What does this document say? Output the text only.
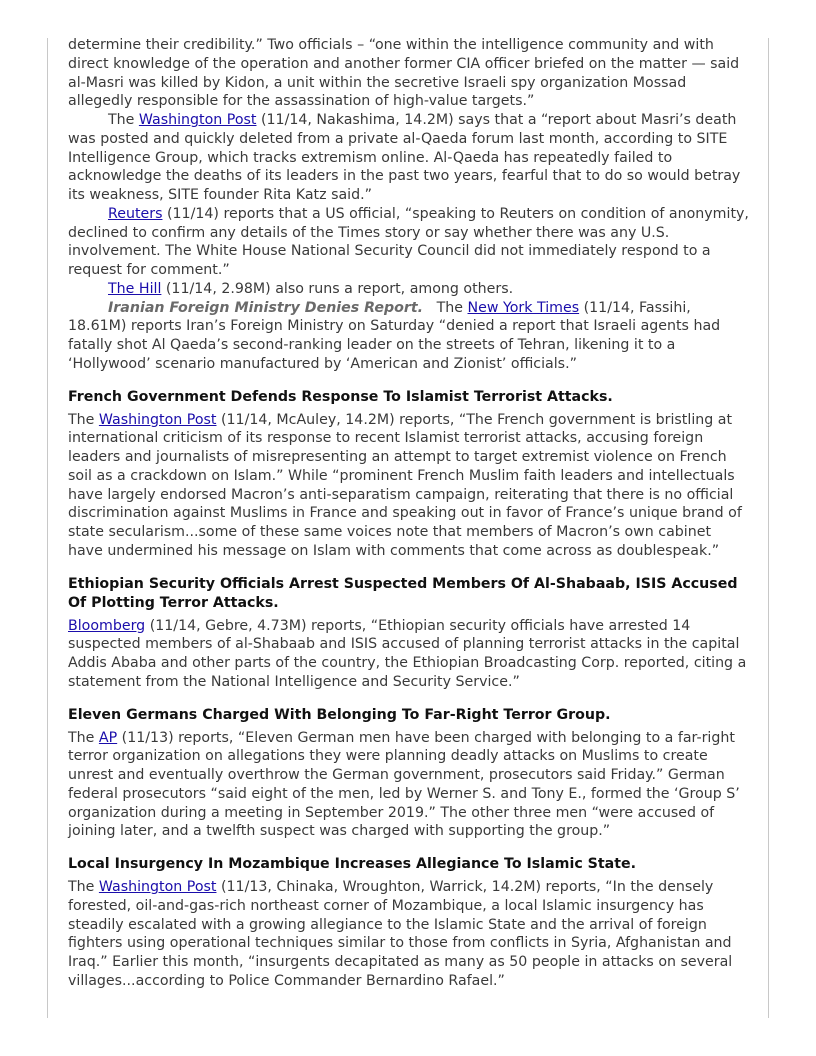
determine their credibility.” Two officials – “one within the intelligence community and with direct knowledge of the operation and another former CIA officer briefed on the matter — said al-Masri was killed by Kidon, a unit within the secretive Israeli spy organization Mossad allegedly responsible for the assassination of high-value targets.”

The Washington Post (11/14, Nakashima, 14.2M) says that a “report about Masri’s death was posted and quickly deleted from a private al-Qaeda forum last month, according to SITE Intelligence Group, which tracks extremism online. Al-Qaeda has repeatedly failed to acknowledge the deaths of its leaders in the past two years, fearful that to do so would betray its weakness, SITE founder Rita Katz said.”

Reuters (11/14) reports that a US official, “speaking to Reuters on condition of anonymity, declined to confirm any details of the Times story or say whether there was any U.S. involvement. The White House National Security Council did not immediately respond to a request for comment.”

The Hill (11/14, 2.98M) also runs a report, among others.

Iranian Foreign Ministry Denies Report.   The New York Times (11/14, Fassihi, 18.61M) reports Iran’s Foreign Ministry on Saturday “denied a report that Israeli agents had fatally shot Al Qaeda’s second-ranking leader on the streets of Tehran, likening it to a ‘Hollywood’ scenario manufactured by ‘American and Zionist’ officials.”

French Government Defends Response To Islamist Terrorist Attacks.

The Washington Post (11/14, McAuley, 14.2M) reports, “The French government is bristling at international criticism of its response to recent Islamist terrorist attacks, accusing foreign leaders and journalists of misrepresenting an attempt to target extremist violence on French soil as a crackdown on Islam.” While “prominent French Muslim faith leaders and intellectuals have largely endorsed Macron’s anti-separatism campaign, reiterating that there is no official discrimination against Muslims in France and speaking out in favor of France’s unique brand of state secularism...some of these same voices note that members of Macron’s own cabinet have undermined his message on Islam with comments that come across as doublespeak.”

Ethiopian Security Officials Arrest Suspected Members Of Al-Shabaab, ISIS Accused Of Plotting Terror Attacks.

Bloomberg (11/14, Gebre, 4.73M) reports, “Ethiopian security officials have arrested 14 suspected members of al-Shabaab and ISIS accused of planning terrorist attacks in the capital Addis Ababa and other parts of the country, the Ethiopian Broadcasting Corp. reported, citing a statement from the National Intelligence and Security Service.”

Eleven Germans Charged With Belonging To Far-Right Terror Group.

The AP (11/13) reports, “Eleven German men have been charged with belonging to a far-right terror organization on allegations they were planning deadly attacks on Muslims to create unrest and eventually overthrow the German government, prosecutors said Friday.” German federal prosecutors “said eight of the men, led by Werner S. and Tony E., formed the ‘Group S’ organization during a meeting in September 2019.” The other three men “were accused of joining later, and a twelfth suspect was charged with supporting the group.”

Local Insurgency In Mozambique Increases Allegiance To Islamic State.

The Washington Post (11/13, Chinaka, Wroughton, Warrick, 14.2M) reports, “In the densely forested, oil-and-gas-rich northeast corner of Mozambique, a local Islamic insurgency has steadily escalated with a growing allegiance to the Islamic State and the arrival of foreign fighters using operational techniques similar to those from conflicts in Syria, Afghanistan and Iraq.” Earlier this month, “insurgents decapitated as many as 50 people in attacks on several villages...according to Police Commander Bernardino Rafael.”
